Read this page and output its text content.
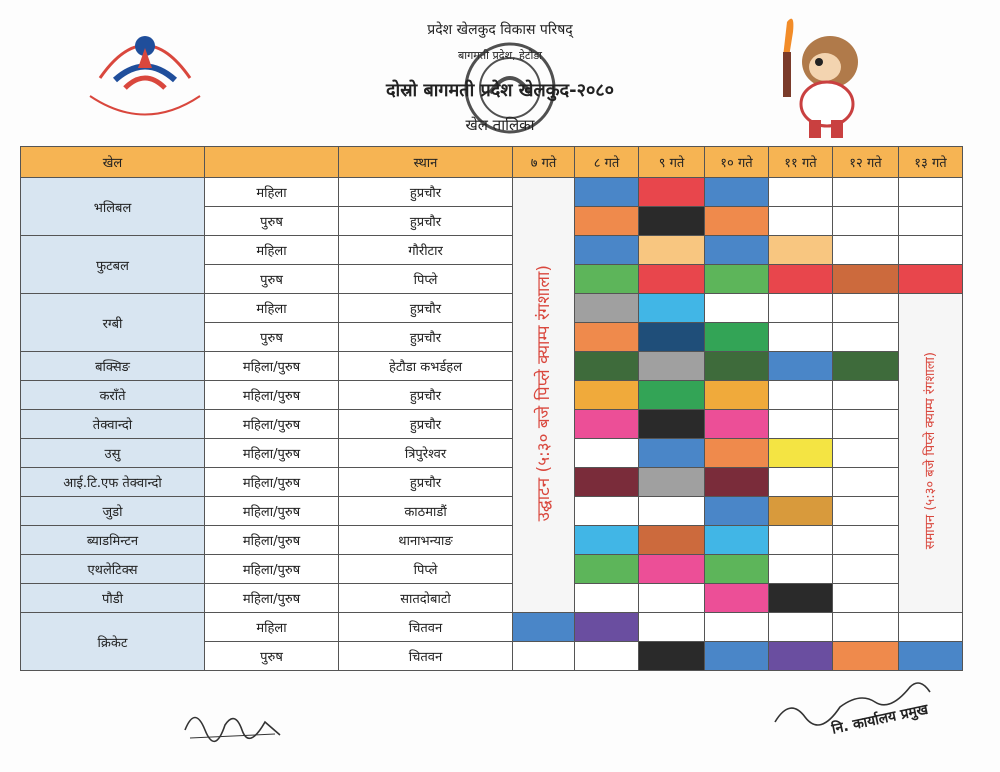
प्रदेश खेलकुद विकास परिषद्
बागमती प्रदेश, हेटौडा
दोस्रो बागमती प्रदेश खेलकुद-२०८०
खेल तालिका
खेल		स्थान	७ गते	८ गते	९ गते	१० गते	११ गते	१२ गते	१३ गते
भलिबल	महिला	हुप्रचौर	उद्घाटन (५:३० बजे पिप्ले क्याम्प रंगशाला)						
	पुरुष	हुप्रचौर							
फुटबल	महिला	गौरीटार							
	पुरुष	पिप्ले							
रग्बी	महिला	हुप्रचौर							समापन (५:३० बजे पिप्ले क्याम्प रंगशाला)
	पुरुष	हुप्रचौर							
बक्सिङ	महिला/पुरुष	हेटौडा कभर्डहल							
कराँते	महिला/पुरुष	हुप्रचौर							
तेक्वान्दो	महिला/पुरुष	हुप्रचौर							
उसु	महिला/पुरुष	त्रिपुरेश्वर							
आई.टि.एफ तेक्वान्दो	महिला/पुरुष	हुप्रचौर							
जुडो	महिला/पुरुष	काठमाडौं							
ब्याडमिन्टन	महिला/पुरुष	थानाभन्याङ							
एथलेटिक्स	महिला/पुरुष	पिप्ले							
पौडी	महिला/पुरुष	सातदोबाटो							
क्रिकेट	महिला	चितवन							
	पुरुष	चितवन							
नि. कार्यालय प्रमुख
